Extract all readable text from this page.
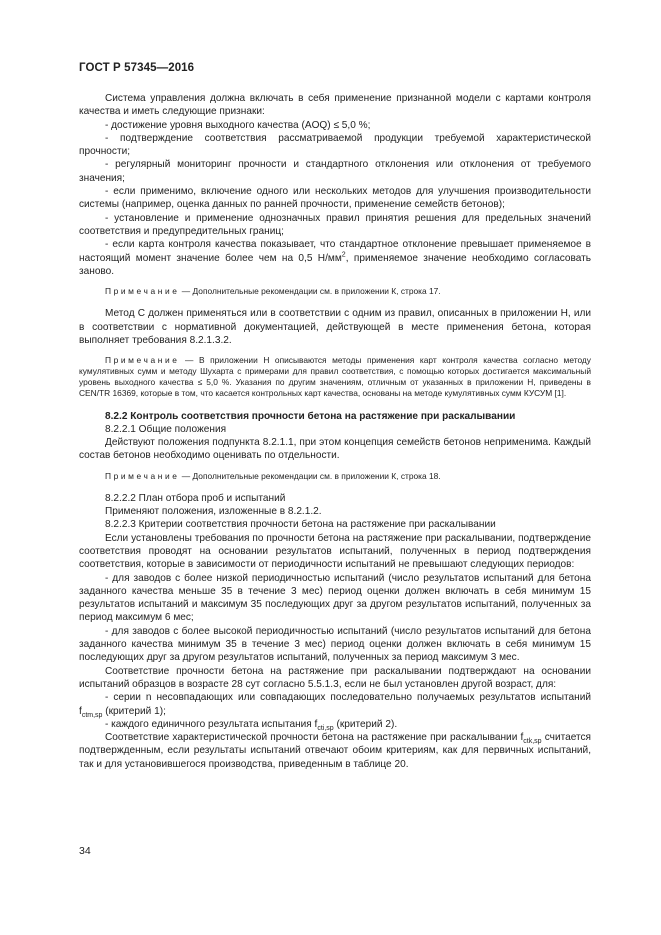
ГОСТ Р 57345—2016

Система управления должна включать в себя применение признанной модели с картами контроля качества и иметь следующие признаки:

- достижение уровня выходного качества (AOQ) ≤ 5,0 %;

- подтверждение соответствия рассматриваемой продукции требуемой характеристической прочности;

- регулярный мониторинг прочности и стандартного отклонения или отклонения от требуемого значения;

- если применимо, включение одного или нескольких методов для улучшения производительности системы (например, оценка данных по ранней прочности, применение семейств бетонов);

- установление и применение однозначных правил принятия решения для предельных значений соответствия и предупредительных границ;

- если карта контроля качества показывает, что стандартное отклонение превышает применяемое в настоящий момент значение более чем на 0,5 $Н/мм^2$, применяемое значение необходимо согласовать заново.

Примечание — Дополнительные рекомендации см. в приложении К, строка 17.

Метод С должен применяться или в соответствии с одним из правил, описанных в приложении Н, или в соответствии с нормативной документацией, действующей в месте применения бетона, которая выполняет требования 8.2.1.3.2.

Примечание — В приложении Н описываются методы применения карт контроля качества согласно методу кумулятивных сумм и методу Шухарта с примерами для правил соответствия, с помощью которых достигается максимальный уровень выходного качества ≤ 5,0 %. Указания по другим значениям, отличным от указанных в приложении Н, приведены в CEN/TR 16369, которые в том, что касается контрольных карт качества, основаны на методе кумулятивных сумм КУСУМ [1].

8.2.2 Контроль соответствия прочности бетона на растяжение при раскалывании

8.2.2.1 Общие положения

Действуют положения подпункта 8.2.1.1, при этом концепция семейств бетонов неприменима. Каждый состав бетонов необходимо оценивать по отдельности.

Примечание — Дополнительные рекомендации см. в приложении К, строка 18.

8.2.2.2 План отбора проб и испытаний

Применяют положения, изложенные в 8.2.1.2.

8.2.2.3 Критерии соответствия прочности бетона на растяжение при раскалывании

Если установлены требования по прочности бетона на растяжение при раскалывании, подтверждение соответствия проводят на основании результатов испытаний, полученных в период подтверждения соответствия, которые в зависимости от периодичности испытаний не превышают следующих периодов:

- для заводов с более низкой периодичностью испытаний (число результатов испытаний для бетона заданного качества меньше 35 в течение 3 мес) период оценки должен включать в себя минимум 15 результатов испытаний и максимум 35 последующих друг за другом результатов испытаний, полученных за период максимум 6 мес;

- для заводов с более высокой периодичностью испытаний (число результатов испытаний для бетона заданного качества минимум 35 в течение 3 мес) период оценки должен включать в себя минимум 15 последующих друг за другом результатов испытаний, полученных за период максимум 3 мес.

Соответствие прочности бетона на растяжение при раскалывании подтверждают на основании испытаний образцов в возрасте 28 сут согласно 5.5.1.3, если не был установлен другой возраст, для:

- серии n несовпадающих или совпадающих последовательно получаемых результатов испытаний $f_{ctm,sp}$ (критерий 1);

- каждого единичного результата испытания $f_{cti,sp}$ (критерий 2).

Соответствие характеристической прочности бетона на растяжение при раскалывании $f_{ctk,sp}$ считается подтвержденным, если результаты испытаний отвечают обоим критериям, как для первичных испытаний, так и для установившегося производства, приведенным в таблице 20.

34
